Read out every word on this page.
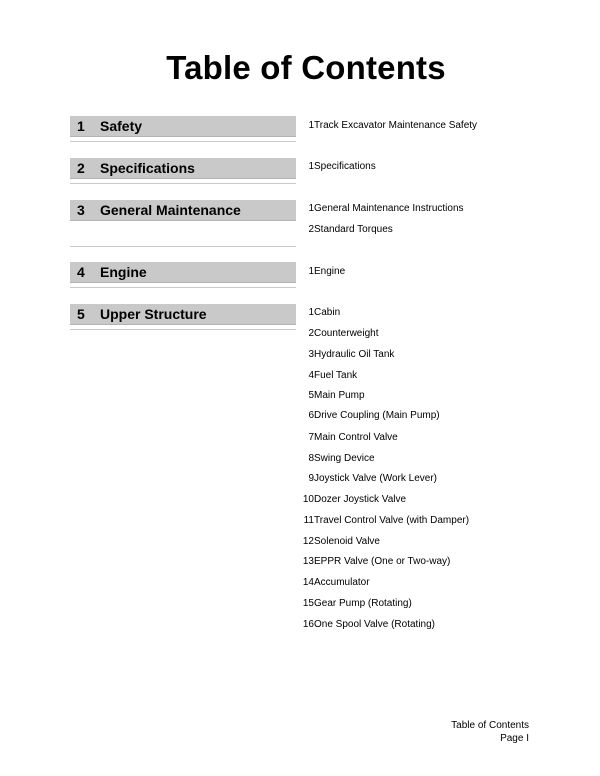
Table of Contents
1 Safety	1 Track Excavator Maintenance Safety
2 Specifications	1 Specifications
3 General Maintenance	1 General Maintenance Instructions
2 Standard Torques
4 Engine	1 Engine
5 Upper Structure	1 Cabin
2 Counterweight
3 Hydraulic Oil Tank
4 Fuel Tank
5 Main Pump
6 Drive Coupling (Main Pump)
7 Main Control Valve
8 Swing Device
9 Joystick Valve (Work Lever)
10 Dozer Joystick Valve
11 Travel Control Valve (with Damper)
12 Solenoid Valve
13 EPPR Valve (One or Two-way)
14 Accumulator
15 Gear Pump (Rotating)
16 One Spool Valve (Rotating)
Table of Contents
Page I
